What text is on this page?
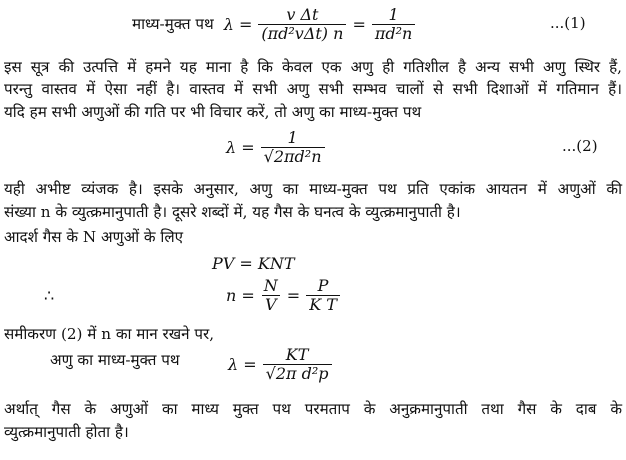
माध्य-मुक्त पथ $\lambda = \frac{\text{v Δt}}{\text{(πd²vΔt) n}} = \frac{1}{\text{πd²n}}$	...(1)
इस सूत्र की उत्पत्ति में हमने यह माना है कि केवल एक अणु ही गतिशील है अन्य सभी अणु स्थिर हैं,
परन्तु वास्तव में ऐसा नहीं है। वास्तव में सभी अणु सभी सम्भव चालों से सभी दिशाओं में गतिमान हैं।
यदि हम सभी अणुओं की गति पर भी विचार करें, तो अणु का माध्य-मुक्त पथ
$\lambda = \frac{1}{\text{√2πd²n}}$	...(2)
यही अभीष्ट व्यंजक है। इसके अनुसार, अणु का माध्य-मुक्त पथ प्रति एकांक आयतन में अणुओं की
संख्या n के व्युत्क्रमानुपाती है। दूसरे शब्दों में, यह गैस के घनत्व के व्युत्क्रमानुपाती है।
आदर्श गैस के N अणुओं के लिए
PV = KNT
∴	$n = \frac{N}{V} = \frac{P}{\text{K T}}$
समीकरण (2) में n का मान रखने पर,
अणु का माध्य-मुक्त पथ	$\lambda = \frac{KT}{\text{√2π d²p}}$
अर्थात् गैस के अणुओं का माध्य मुक्त पथ परमताप के अनुक्रमानुपाती तथा गैस के दाब के
व्युत्क्रमानुपाती होता है।
